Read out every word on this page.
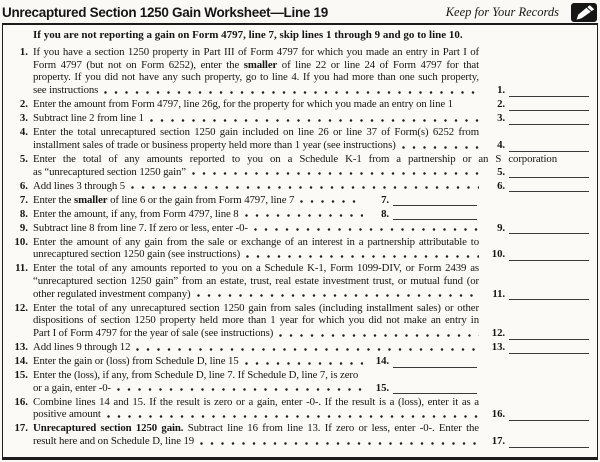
Unrecaptured Section 1250 Gain Worksheet—Line 19	Keep for Your Records
If you are not reporting a gain on Form 4797, line 7, skip lines 1 through 9 and go to line 10.
1. If you have a section 1250 property in Part III of Form 4797 for which you made an entry in Part I of
Form 4797 (but not on Form 6252), enter the smaller of line 22 or line 24 of Form 4797 for that
property. If you did not have any such property, go to line 4. If you had more than one such property,
see instructions	1.
2. Enter the amount from Form 4797, line 26g, for the property for which you made an entry on line 1	2.
3. Subtract line 2 from line 1	3.
4. Enter the total unrecaptured section 1250 gain included on line 26 or line 37 of Form(s) 6252 from
installment sales of trade or business property held more than 1 year (see instructions)	4.
5. Enter the total of any amounts reported to you on a Schedule K-1 from a partnership or an S corporation
as “unrecaptured section 1250 gain”	5.
6. Add lines 3 through 5	6.
7. Enter the smaller of line 6 or the gain from Form 4797, line 7	7.
8. Enter the amount, if any, from Form 4797, line 8	8.
9. Subtract line 8 from line 7. If zero or less, enter -0-	9.
10. Enter the amount of any gain from the sale or exchange of an interest in a partnership attributable to
unrecaptured section 1250 gain (see instructions)	10.
11. Enter the total of any amounts reported to you on a Schedule K-1, Form 1099-DIV, or Form 2439 as
“unrecaptured section 1250 gain” from an estate, trust, real estate investment trust, or mutual fund (or
other regulated investment company)	11.
12. Enter the total of any unrecaptured section 1250 gain from sales (including installment sales) or other
dispositions of section 1250 property held more than 1 year for which you did not make an entry in
Part I of Form 4797 for the year of sale (see instructions)	12.
13. Add lines 9 through 12	13.
14. Enter the gain or (loss) from Schedule D, line 15	14.
15. Enter the (loss), if any, from Schedule D, line 7. If Schedule D, line 7, is zero
or a gain, enter -0-	15.
16. Combine lines 14 and 15. If the result is zero or a gain, enter -0-. If the result is a (loss), enter it as a
positive amount	16.
17. Unrecaptured section 1250 gain. Subtract line 16 from line 13. If zero or less, enter -0-. Enter the
result here and on Schedule D, line 19	17.
